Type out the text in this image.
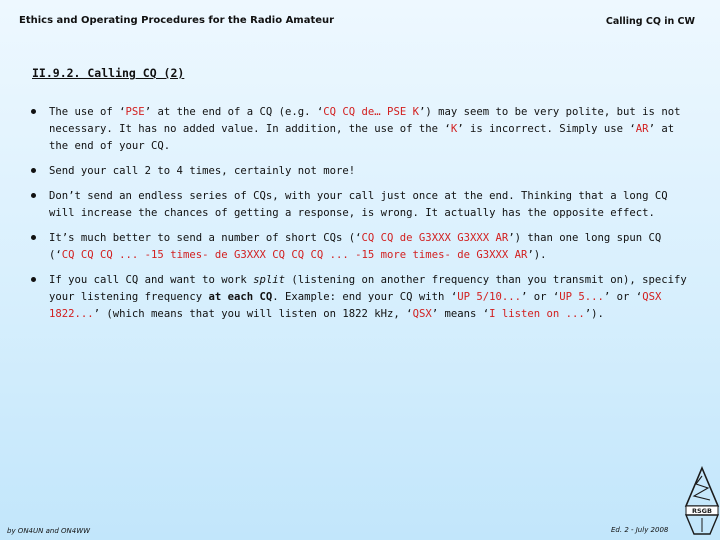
Ethics and Operating Procedures for the Radio Amateur	Calling CQ in CW
II.9.2. Calling CQ (2)
The use of ‘PSE’ at the end of a CQ (e.g. ‘CQ CQ de… PSE K’) may seem to be very polite, but is not necessary. It has no added value. In addition, the use of the ‘K’ is incorrect. Simply use ‘AR’ at the end of your CQ.
Send your call 2 to 4 times, certainly not more!
Don’t send an endless series of CQs, with your call just once at the end. Thinking that a long CQ will increase the chances of getting a response, is wrong. It actually has the opposite effect.
It’s much better to send a number of short CQs (‘CQ CQ de G3XXX G3XXX AR’) than one long spun CQ (‘CQ CQ CQ ... -15 times- de G3XXX CQ CQ CQ ... -15 more times- de G3XXX AR’).
If you call CQ and want to work split (listening on another frequency than you transmit on), specify your listening frequency at each CQ. Example: end your CQ with ‘UP 5/10...’ or ‘UP 5...’ or ‘QSX 1822...’ (which means that you will listen on 1822 kHz, ‘QSX’ means ‘I listen on ...’).
by ON4UN and ON4WW	Ed. 2 - July 2008
RSGB
